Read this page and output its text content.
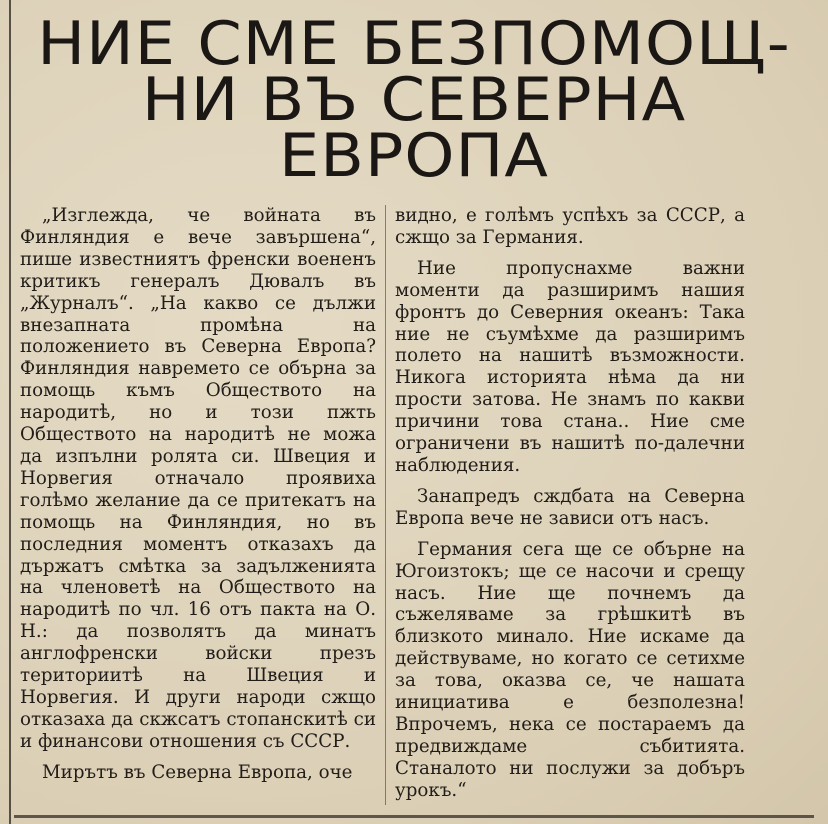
НИЕ СМЕ БЕЗПОМОЩ-
НИ ВЪ СЕВЕРНА
ЕВРОПА

„Изглежда, че войната въ Финляндия е вече завършена“, пише известниятъ френски воененъ критикъ генералъ Дювалъ въ „Журналъ“. „На какво се дължи внезапната промѣна на положението въ Северна Европа? Финляндия навремето се обърна за помощь къмъ Обществото на народитѣ, но и този пжть Обществото на народитѣ не можа да изпълни ролята си. Швеция и Норвегия отначало проявиха голѣмо желание да се притекатъ на помощь на Финляндия, но въ последния моментъ отказахъ да държатъ смѣтка за задълженията на членоветѣ на Обществото на народитѣ по чл. 16 отъ пакта на О. Н.: да позволятъ да минатъ англофренски войски презъ териториитѣ на Швеция и Норвегия. И други народи сжщо отказаха да скжсатъ стопанскитѣ си и финансови отношения съ СССР.

Мирътъ въ Северна Европа, оче

видно, е голѣмъ успѣхъ за СССР, а сжщо за Германия.

Ние пропуснахме важни моменти да разширимъ нашия фронтъ до Северния океанъ: Така ние не съумѣхме да разширимъ полето на нашитѣ възможности. Никога историята нѣма да ни прости затова. Не знамъ по какви причини това стана.. Ние сме ограничени въ нашитѣ по-далечни наблюдения.

Занапредъ сждбата на Северна Европа вече не зависи отъ насъ.

Германия сега ще се обърне на Югоизтокъ; ще се насочи и срещу насъ. Ние ще почнемъ да съжеляваме за грѣшкитѣ въ близкото минало. Ние искаме да действуваме, но когато се сетихме за това, оказва се, че нашата инициатива е безполезна! Впрочемъ, нека се постараемъ да предвиждаме събитията. Станалото ни послужи за добъръ урокъ.“
